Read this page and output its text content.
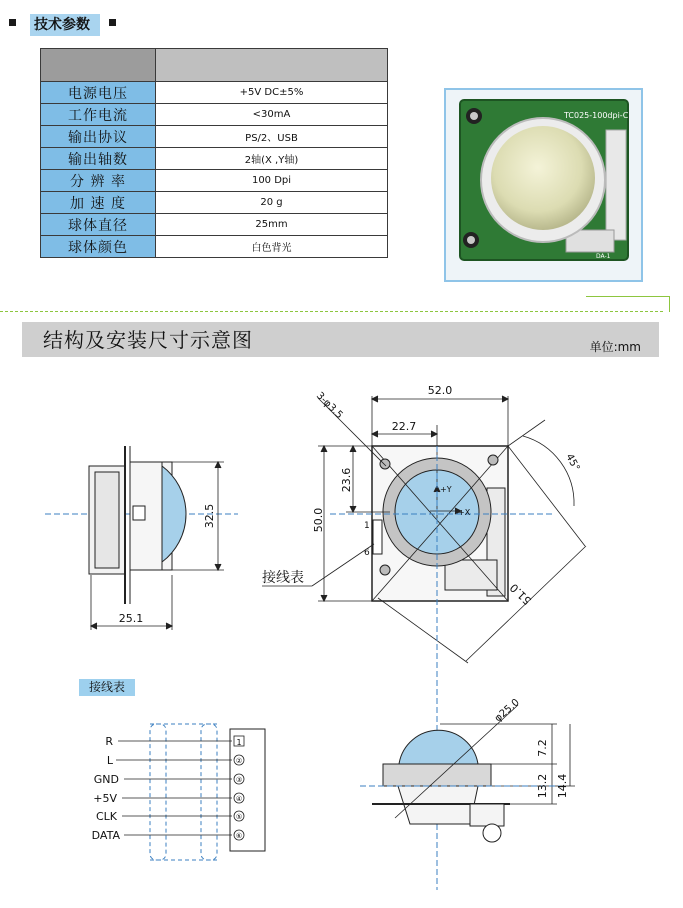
技术参数

电源电压	+5V DC±5%
工作电流	<30mA
输出协议	PS/2、USB
输出轴数	2轴(X ,Y轴)
分 辨 率	100 Dpi
加 速 度	20 g
球体直径	25mm
球体颜色	白色背光
TC025-100dpi-C
DA-1
结构及安装尺寸示意图	单位:mm
32.5
25.1
52.0
22.7
50.0
23.6
3-φ3.5
45°
51.0
+Y
+X
1
6
接线表
R
L
GND
+5V
CLK
DATA
1
②
③
④
⑤
⑥
φ25.0
7.2
13.2 14.4
接线表
